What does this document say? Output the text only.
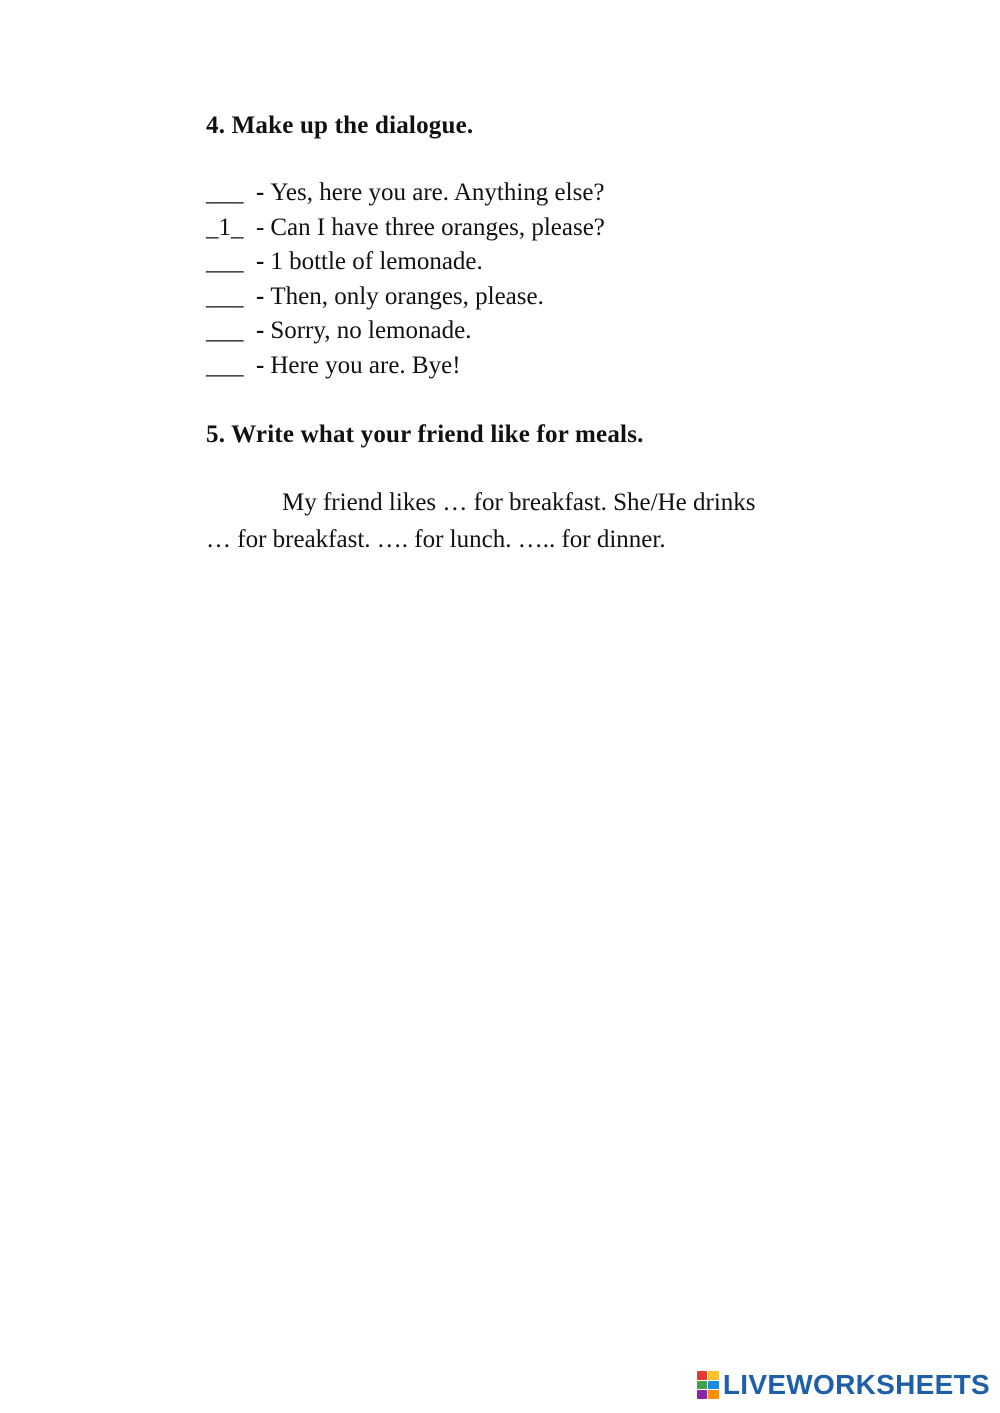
4. Make up the dialogue.
___ - Yes, here you are. Anything else?
_1_ - Can I have three oranges, please?
___ - 1 bottle of lemonade.
___ - Then, only oranges, please.
___ - Sorry, no lemonade.
___ - Here you are. Bye!
5. Write what your friend like for meals.
My friend likes … for breakfast. She/He drinks
… for breakfast. …. for lunch. ….. for dinner.
LIVEWORKSHEETS
